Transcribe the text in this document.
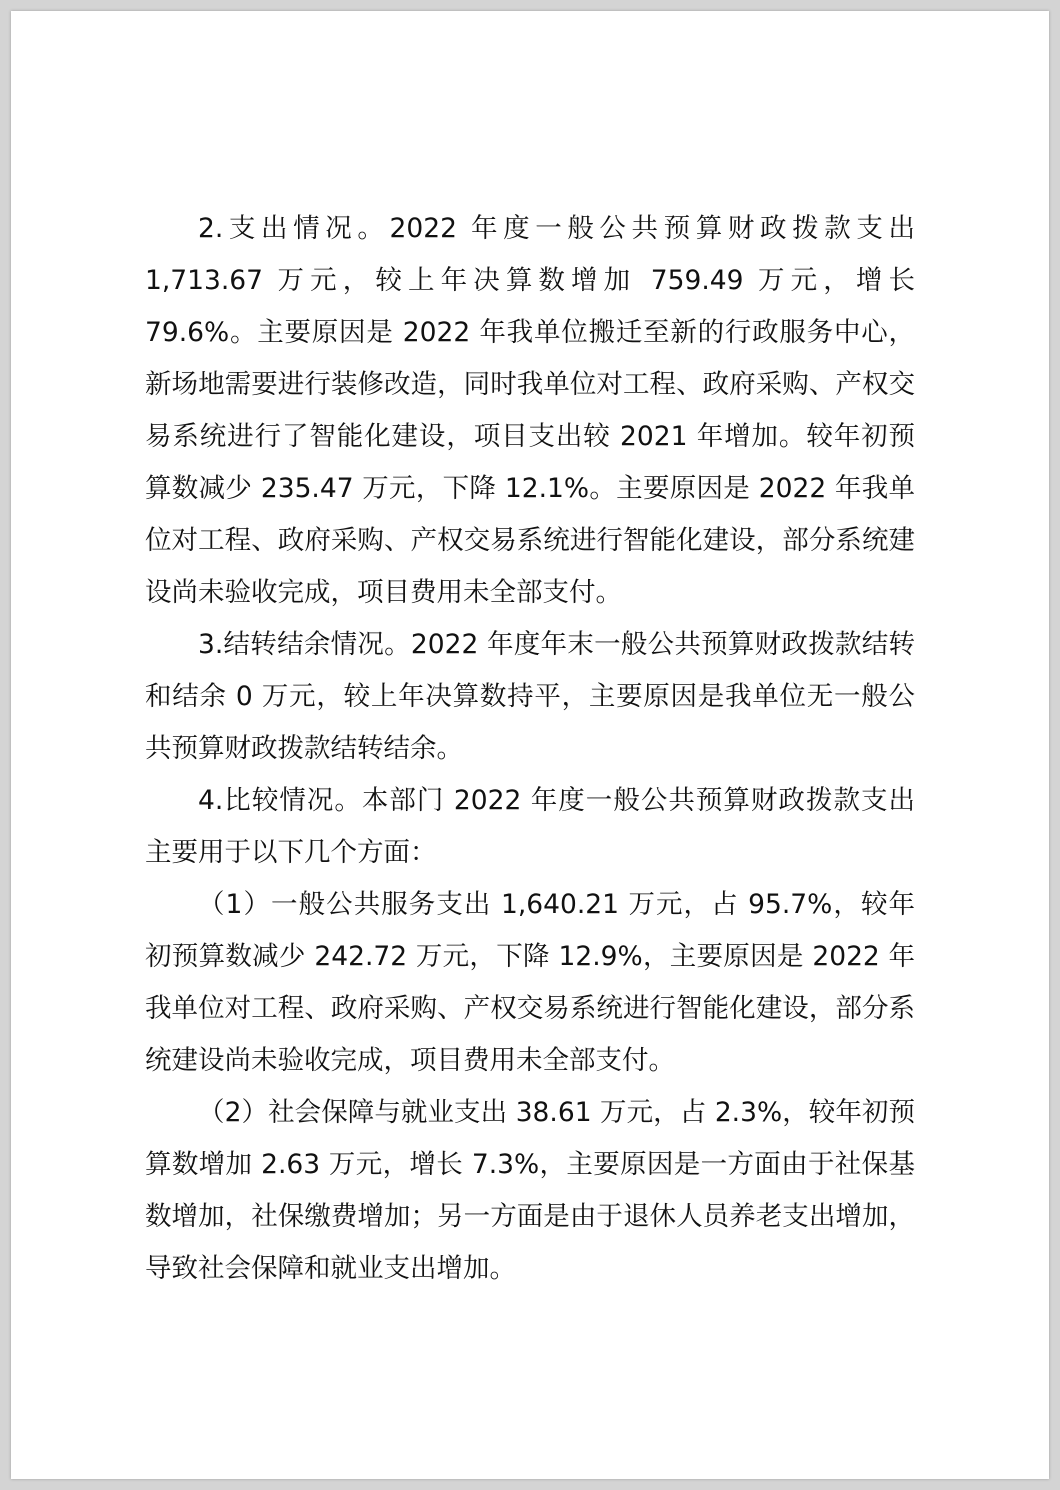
2.支出情况。2022 年度一般公共预算财政拨款支出 1,713.67 万元，较上年决算数增加 759.49 万元，增长 79.6%。主要原因是 2022 年我单位搬迁至新的行政服务中心，新场地需要进行装修改造，同时我单位对工程、政府采购、产权交易系统进行了智能化建设，项目支出较 2021 年增加。较年初预算数减少 235.47 万元，下降 12.1%。主要原因是 2022 年我单位对工程、政府采购、产权交易系统进行智能化建设，部分系统建设尚未验收完成，项目费用未全部支付。

3.结转结余情况。2022 年度年末一般公共预算财政拨款结转和结余 0 万元，较上年决算数持平，主要原因是我单位无一般公共预算财政拨款结转结余。

4.比较情况。本部门 2022 年度一般公共预算财政拨款支出主要用于以下几个方面：

（1）一般公共服务支出 1,640.21 万元，占 95.7%，较年初预算数减少 242.72 万元，下降 12.9%，主要原因是 2022 年我单位对工程、政府采购、产权交易系统进行智能化建设，部分系统建设尚未验收完成，项目费用未全部支付。

（2）社会保障与就业支出 38.61 万元，占 2.3%，较年初预算数增加 2.63 万元，增长 7.3%，主要原因是一方面由于社保基数增加，社保缴费增加；另一方面是由于退休人员养老支出增加，导致社会保障和就业支出增加。
